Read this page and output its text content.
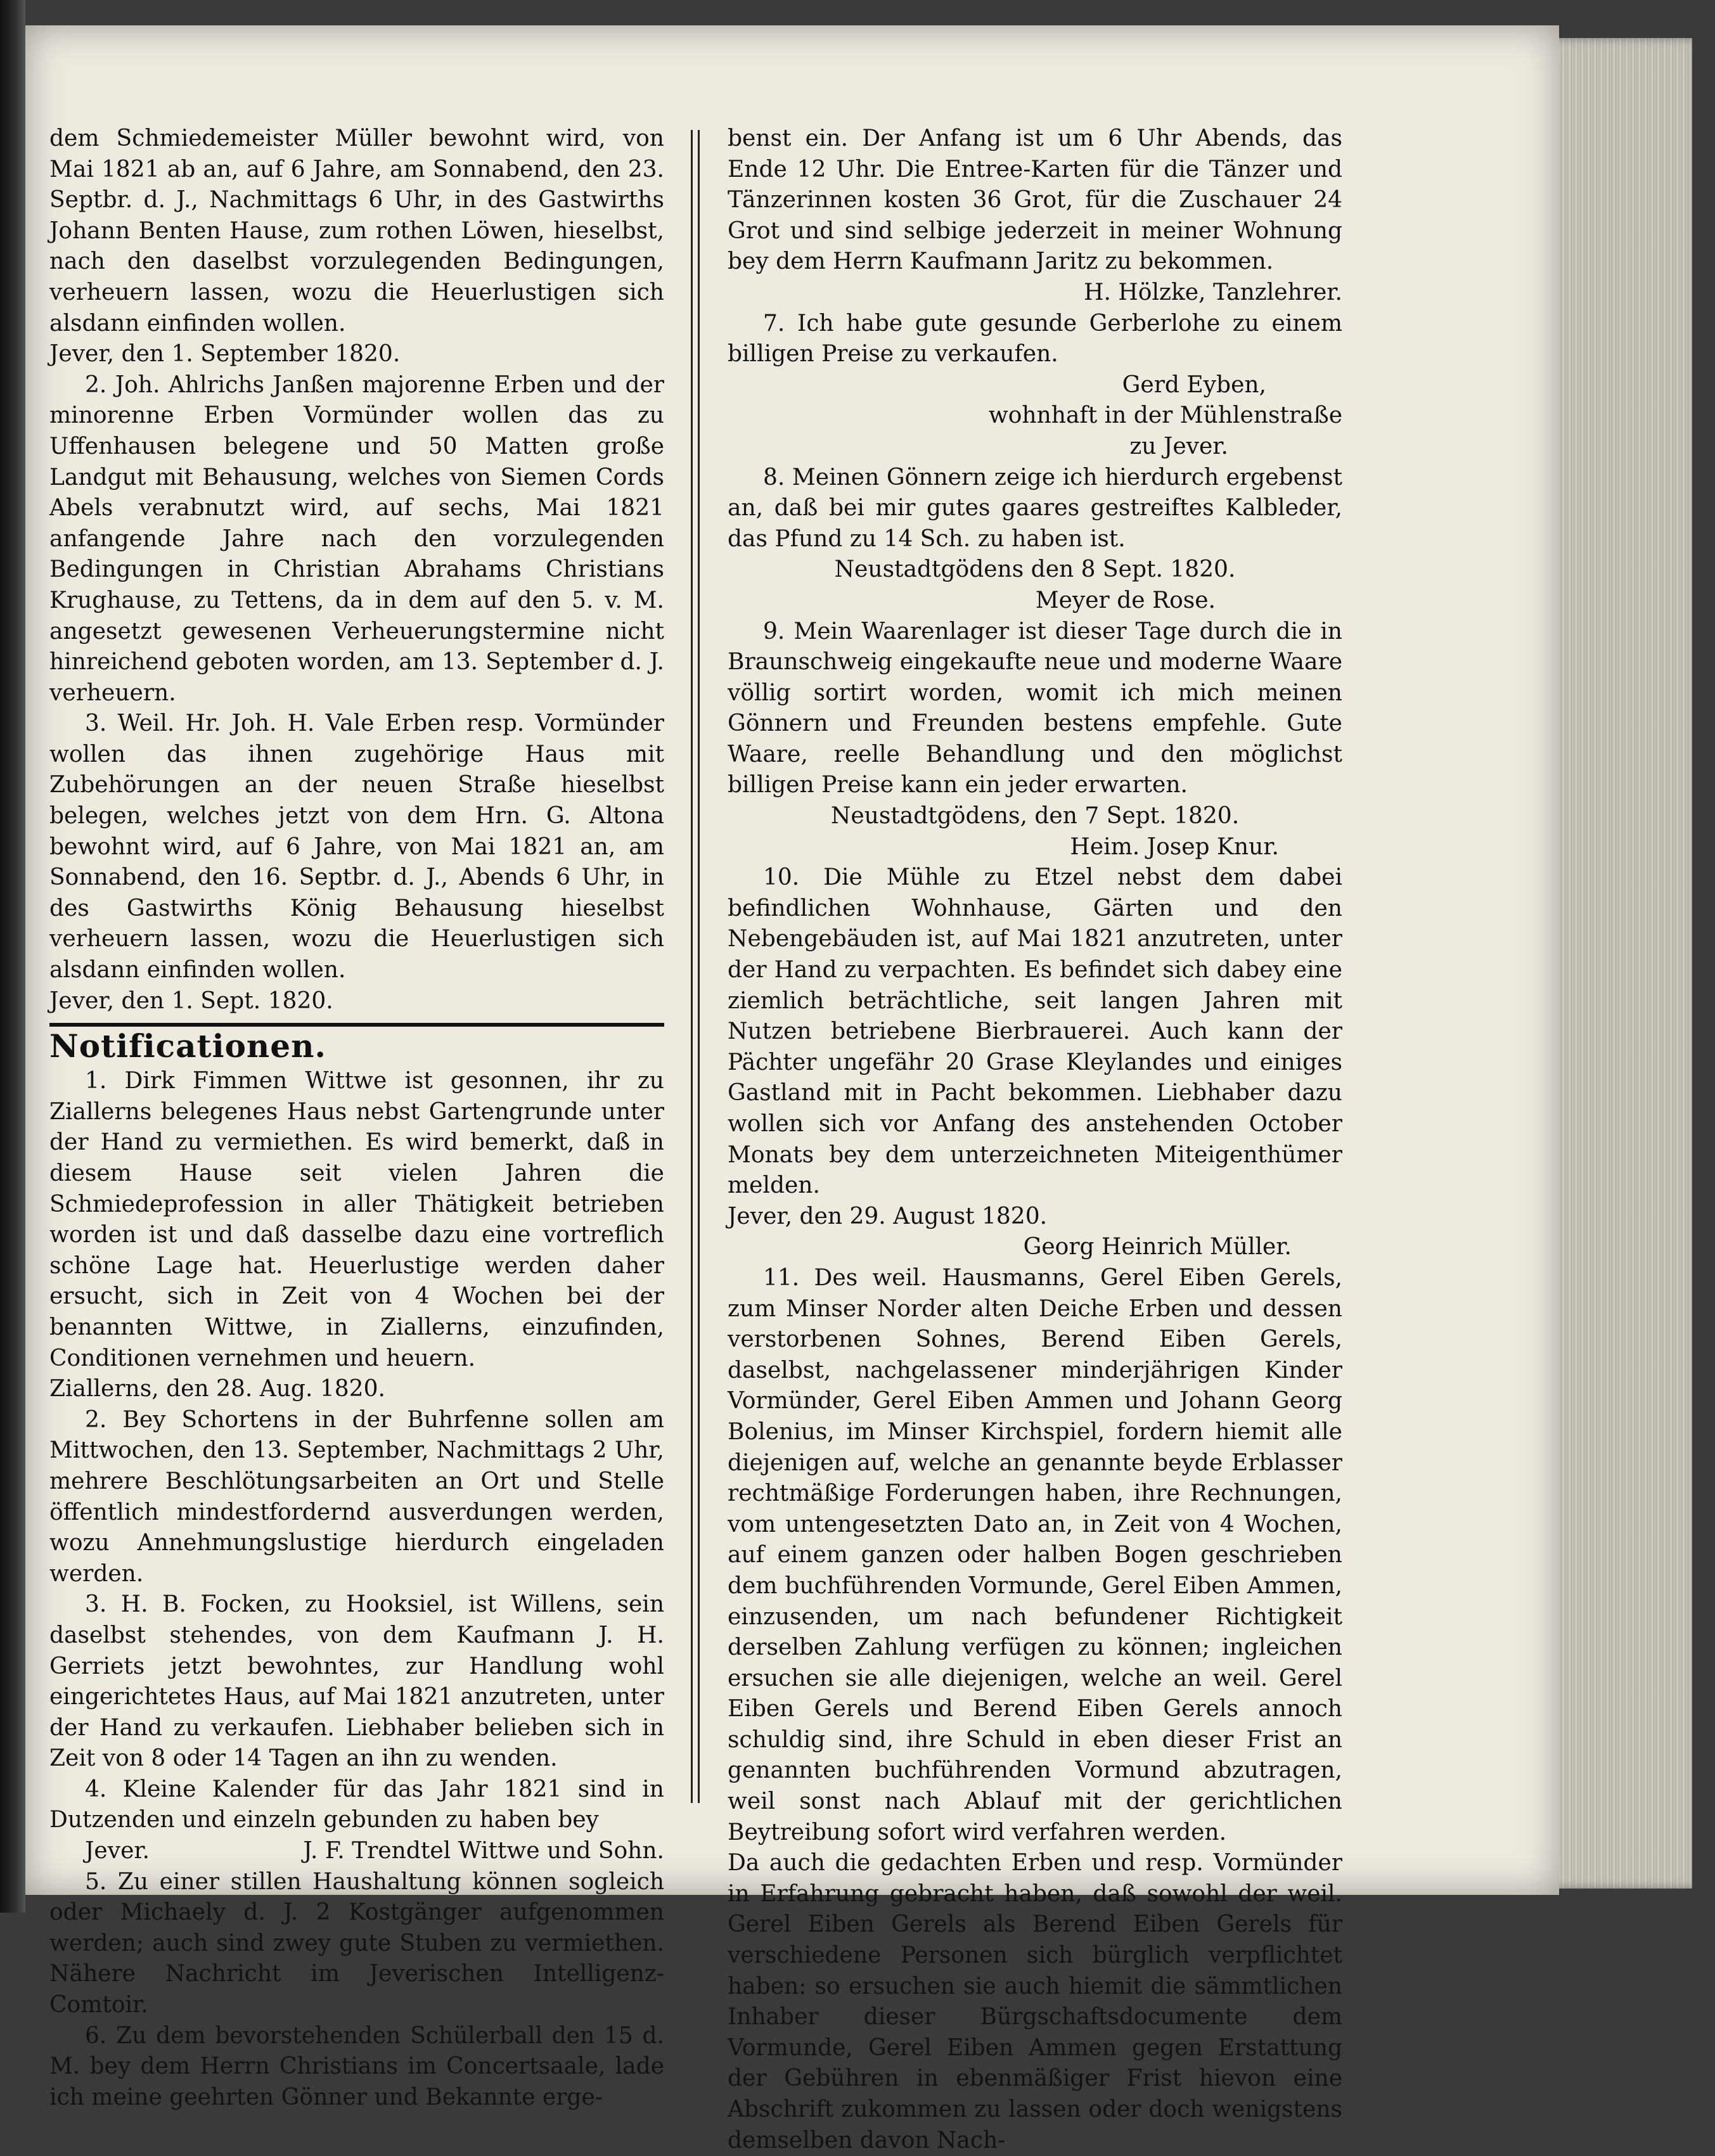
dem Schmiedemeister Müller bewohnt wird, von Mai 1821 ab an, auf 6 Jahre, am Sonnabend, den 23. Septbr. d. J., Nachmittags 6 Uhr, in des Gastwirths Johann Benten Hause, zum rothen Löwen, hieselbst, nach den daselbst vorzulegenden Bedingungen, verheuern lassen, wozu die Heuerlustigen sich alsdann einfinden wollen.

Jever, den 1. September 1820.

2. Joh. Ahlrichs Janßen majorenne Erben und der minorenne Erben Vormünder wollen das zu Uffenhausen belegene und 50 Matten große Landgut mit Behausung, welches von Siemen Cords Abels verabnutzt wird, auf sechs, Mai 1821 anfangende Jahre nach den vorzulegenden Bedingungen in Christian Abrahams Christians Krughause, zu Tettens, da in dem auf den 5. v. M. angesetzt gewesenen Verheuerungstermine nicht hinreichend geboten worden, am 13. September d. J. verheuern.

3. Weil. Hr. Joh. H. Vale Erben resp. Vormünder wollen das ihnen zugehörige Haus mit Zubehörungen an der neuen Straße hieselbst belegen, welches jetzt von dem Hrn. G. Altona bewohnt wird, auf 6 Jahre, von Mai 1821 an, am Sonnabend, den 16. Septbr. d. J., Abends 6 Uhr, in des Gastwirths König Behausung hieselbst verheuern lassen, wozu die Heuerlustigen sich alsdann einfinden wollen.

Jever, den 1. Sept. 1820.

Notificationen.

1. Dirk Fimmen Wittwe ist gesonnen, ihr zu Ziallerns belegenes Haus nebst Gartengrunde unter der Hand zu vermiethen. Es wird bemerkt, daß in diesem Hause seit vielen Jahren die Schmiedeprofession in aller Thätigkeit betrieben worden ist und daß dasselbe dazu eine vortreflich schöne Lage hat. Heuerlustige werden daher ersucht, sich in Zeit von 4 Wochen bei der benannten Wittwe, in Ziallerns, einzufinden, Conditionen vernehmen und heuern.

Ziallerns, den 28. Aug. 1820.

2. Bey Schortens in der Buhrfenne sollen am Mittwochen, den 13. September, Nachmittags 2 Uhr, mehrere Beschlötungsarbeiten an Ort und Stelle öffentlich mindestfordernd ausverdungen werden, wozu Annehmungslustige hierdurch eingeladen werden.

3. H. B. Focken, zu Hooksiel, ist Willens, sein daselbst stehendes, von dem Kaufmann J. H. Gerriets jetzt bewohntes, zur Handlung wohl eingerichtetes Haus, auf Mai 1821 anzutreten, unter der Hand zu verkaufen. Liebhaber belieben sich in Zeit von 8 oder 14 Tagen an ihn zu wenden.

4. Kleine Kalender für das Jahr 1821 sind in Dutzenden und einzeln gebunden zu haben bey

Jever.	J. F. Trendtel Wittwe und Sohn.

5. Zu einer stillen Haushaltung können sogleich oder Michaely d. J. 2 Kostgänger aufgenommen werden; auch sind zwey gute Stuben zu vermiethen. Nähere Nachricht im Jeverischen Intelligenz-Comtoir.

6. Zu dem bevorstehenden Schülerball den 15 d. M. bey dem Herrn Christians im Concertsaale, lade ich meine geehrten Gönner und Bekannte erge-

benst ein. Der Anfang ist um 6 Uhr Abends, das Ende 12 Uhr. Die Entree-Karten für die Tänzer und Tänzerinnen kosten 36 Grot, für die Zuschauer 24 Grot und sind selbige jederzeit in meiner Wohnung bey dem Herrn Kaufmann Jaritz zu bekommen.

H. Hölzke, Tanzlehrer.

7. Ich habe gute gesunde Gerberlohe zu einem billigen Preise zu verkaufen.

Gerd Eyben,

wohnhaft in der Mühlenstraße

zu Jever.

8. Meinen Gönnern zeige ich hierdurch ergebenst an, daß bei mir gutes gaares gestreiftes Kalbleder, das Pfund zu 14 Sch. zu haben ist.

Neustadtgödens den 8 Sept. 1820.

Meyer de Rose.

9. Mein Waarenlager ist dieser Tage durch die in Braunschweig eingekaufte neue und moderne Waare völlig sortirt worden, womit ich mich meinen Gönnern und Freunden bestens empfehle. Gute Waare, reelle Behandlung und den möglichst billigen Preise kann ein jeder erwarten.

Neustadtgödens, den 7 Sept. 1820.

Heim. Josep Knur.

10. Die Mühle zu Etzel nebst dem dabei befindlichen Wohnhause, Gärten und den Nebengebäuden ist, auf Mai 1821 anzutreten, unter der Hand zu verpachten. Es befindet sich dabey eine ziemlich beträchtliche, seit langen Jahren mit Nutzen betriebene Bierbrauerei. Auch kann der Pächter ungefähr 20 Grase Kleylandes und einiges Gastland mit in Pacht bekommen. Liebhaber dazu wollen sich vor Anfang des anstehenden October Monats bey dem unterzeichneten Miteigenthümer melden.

Jever, den 29. August 1820.

Georg Heinrich Müller.

11. Des weil. Hausmanns, Gerel Eiben Gerels, zum Minser Norder alten Deiche Erben und dessen verstorbenen Sohnes, Berend Eiben Gerels, daselbst, nachgelassener minderjährigen Kinder Vormünder, Gerel Eiben Ammen und Johann Georg Bolenius, im Minser Kirchspiel, fordern hiemit alle diejenigen auf, welche an genannte beyde Erblasser rechtmäßige Forderungen haben, ihre Rechnungen, vom untengesetzten Dato an, in Zeit von 4 Wochen, auf einem ganzen oder halben Bogen geschrieben dem buchführenden Vormunde, Gerel Eiben Ammen, einzusenden, um nach befundener Richtigkeit derselben Zahlung verfügen zu können; ingleichen ersuchen sie alle diejenigen, welche an weil. Gerel Eiben Gerels und Berend Eiben Gerels annoch schuldig sind, ihre Schuld in eben dieser Frist an genannten buchführenden Vormund abzutragen, weil sonst nach Ablauf mit der gerichtlichen Beytreibung sofort wird verfahren werden.

Da auch die gedachten Erben und resp. Vormünder in Erfahrung gebracht haben, daß sowohl der weil. Gerel Eiben Gerels als Berend Eiben Gerels für verschiedene Personen sich bürglich verpflichtet haben: so ersuchen sie auch hiemit die sämmtlichen Inhaber dieser Bürgschaftsdocumente dem Vormunde, Gerel Eiben Ammen gegen Erstattung der Gebühren in ebenmäßiger Frist hievon eine Abschrift zukommen zu lassen oder doch wenigstens demselben davon Nach-
